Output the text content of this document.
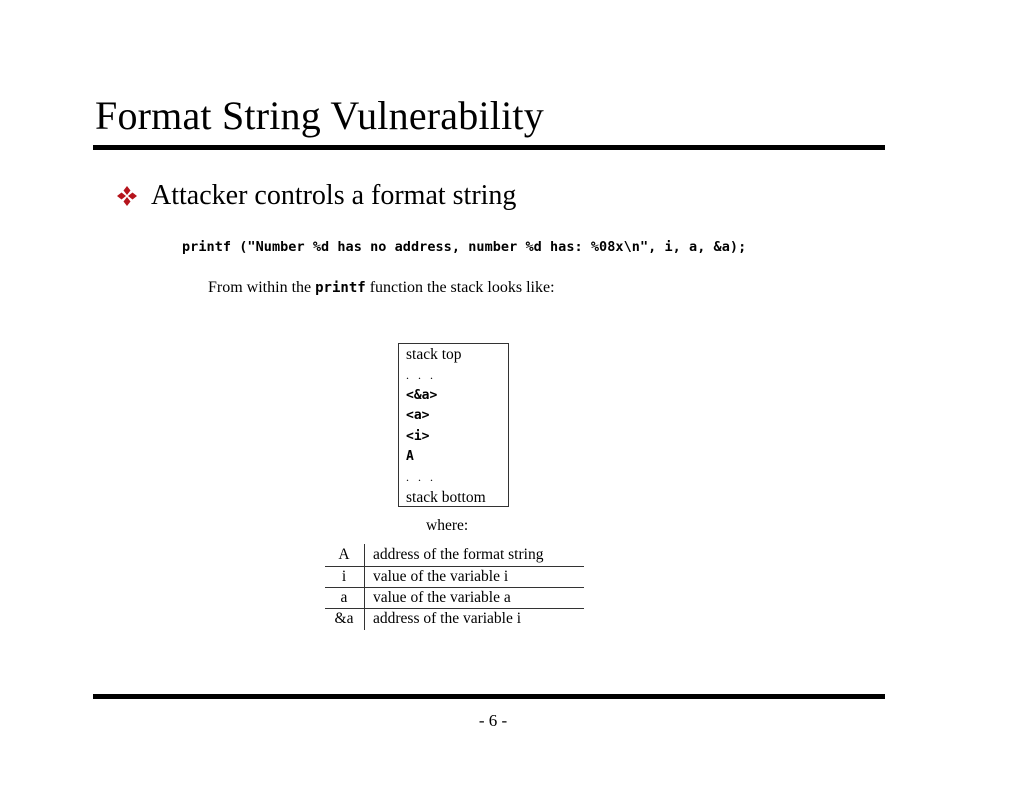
Format String Vulnerability
Attacker controls a format string
printf ("Number %d has no address, number %d has: %08x\n", i, a, &a);
From within the printf function the stack looks like:
stack top
. . .
<&a>
<a>
<i>
A
. . .
stack bottom
where:
A	address of the format string
i	value of the variable i
a	value of the variable a
&a	address of the variable i
- 6 -
